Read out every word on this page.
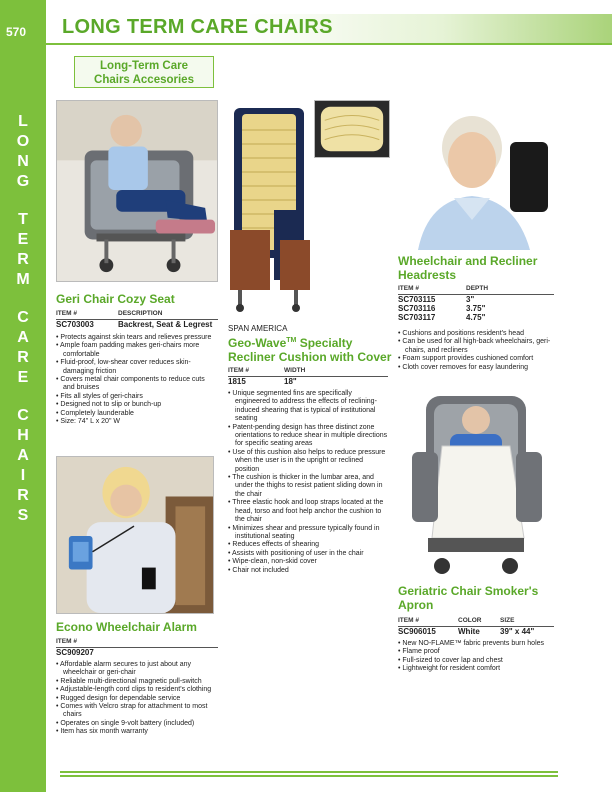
570
L
O
N
G
T
E
R
M
C
A
R
E
C
H
A
I
R
S
LONG TERM CARE CHAIRS
Long-Term Care
Chairs Accesories
Geri Chair Cozy Seat
ITEM #	DESCRIPTION
SC703003	Backrest, Seat & Legrest
• Protects against skin tears and relieves pressure
• Ample foam padding makes geri-chairs more comfortable
• Fluid-proof, low-shear cover reduces skin-damaging friction
• Covers metal chair components to reduce cuts and bruises
• Fits all styles of geri-chairs
• Designed not to slip or bunch-up
• Completely launderable
• Size: 74" L x 20" W
Econo Wheelchair Alarm
ITEM #
SC909207
• Affordable alarm secures to just about any wheelchair or geri-chair
• Reliable multi-directional magnetic pull-switch
• Adjustable-length cord clips to resident's clothing
• Rugged design for dependable service
• Comes with Velcro strap for attachment to most chairs
• Operates on single 9-volt battery (included)
• Item has six month warranty
SPAN AMERICA
Geo-Wave™ Specialty
Recliner Cushion with Cover
ITEM #	WIDTH
1815	18"
• Unique segmented fins are specifically engineered to address the effects of reclining-induced shearing that is typical of institutional seating
• Patent-pending design has three distinct zone orientations to reduce shear in multiple directions for specific seating areas
• Use of this cushion also helps to reduce pressure when the user is in the upright or reclined position
• The cushion is thicker in the lumbar area, and under the thighs to resist patient sliding down in the chair
• Three elastic hook and loop straps located at the head, torso and foot help anchor the cushion to the chair
• Minimizes shear and pressure typically found in institutional seating
• Reduces effects of shearing
• Assists with positioning of user in the chair
• Wipe-clean, non-skid cover
• Chair not included
Wheelchair and Recliner
Headrests
ITEM #	DEPTH
SC703115	3"
SC703116	3.75"
SC703117	4.75"
• Cushions and positions resident's head
• Can be used for all high-back wheelchairs, geri-chairs, and recliners
• Foam support provides cushioned comfort
• Cloth cover removes for easy laundering
Geriatric Chair Smoker's
Apron
ITEM #	COLOR	SIZE
SC906015	White	39" x 44"
• New NO-FLAME™ fabric prevents burn holes
• Flame proof
• Full-sized to cover lap and chest
• Lightweight for resident comfort
